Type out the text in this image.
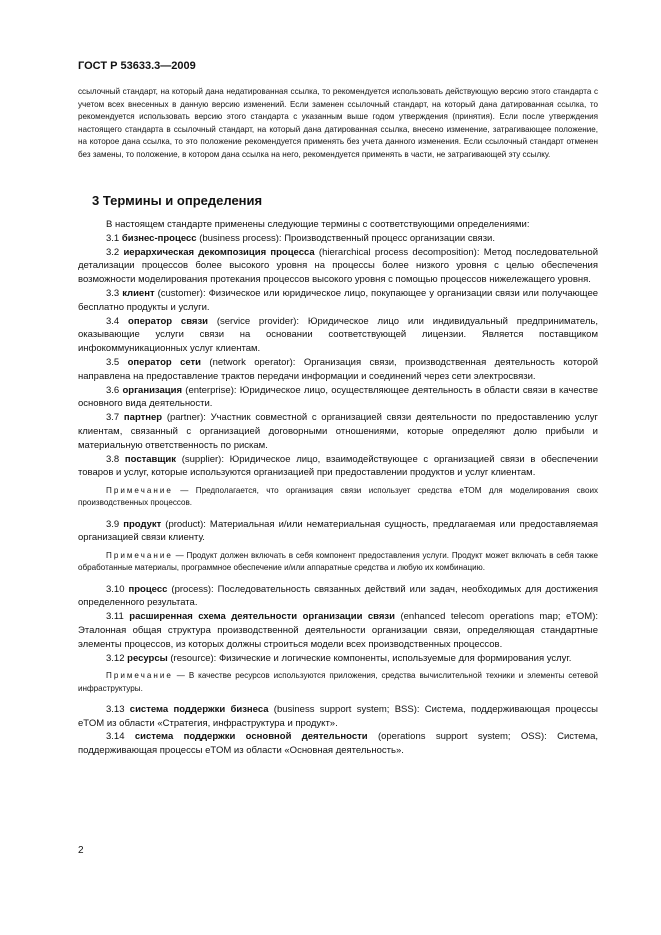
ГОСТ Р 53633.3—2009

ссылочный стандарт, на который дана недатированная ссылка, то рекомендуется использовать действующую версию этого стандарта с учетом всех внесенных в данную версию изменений. Если заменен ссылочный стандарт, на который дана датированная ссылка, то рекомендуется использовать версию этого стандарта с указанным выше годом утверждения (принятия). Если после утверждения настоящего стандарта в ссылочный стандарт, на который дана датированная ссылка, внесено изменение, затрагивающее положение, на которое дана ссылка, то это положение рекомендуется применять без учета данного изменения. Если ссылочный стандарт отменен без замены, то положение, в котором дана ссылка на него, рекомендуется применять в части, не затрагивающей эту ссылку.

3 Термины и определения

В настоящем стандарте применены следующие термины с соответствующими определениями:

3.1 бизнес-процесс (business process): Производственный процесс организации связи.

3.2 иерархическая декомпозиция процесса (hierarchical process decomposition): Метод последовательной детализации процессов более высокого уровня на процессы более низкого уровня с целью обеспечения возможности моделирования протекания процессов высокого уровня с помощью процессов нижележащего уровня.

3.3 клиент (customer): Физическое или юридическое лицо, покупающее у организации связи или получающее бесплатно продукты и услуги.

3.4 оператор связи (service provider): Юридическое лицо или индивидуальный предприниматель, оказывающие услуги связи на основании соответствующей лицензии. Является поставщиком инфокоммуникационных услуг клиентам.

3.5 оператор сети (network operator): Организация связи, производственная деятельность которой направлена на предоставление трактов передачи информации и соединений через сети электросвязи.

3.6 организация (enterprise): Юридическое лицо, осуществляющее деятельность в области связи в качестве основного вида деятельности.

3.7 партнер (partner): Участник совместной с организацией связи деятельности по предоставлению услуг клиентам, связанный с организацией договорными отношениями, которые определяют долю прибыли и материальную ответственность по рискам.

3.8 поставщик (supplier): Юридическое лицо, взаимодействующее с организацией связи в обеспечении товаров и услуг, которые используются организацией при предоставлении продуктов и услуг клиентам.

Примечание — Предполагается, что организация связи использует средства еТОМ для моделирования своих производственных процессов.

3.9 продукт (product): Материальная и/или нематериальная сущность, предлагаемая или предоставляемая организацией связи клиенту.

Примечание — Продукт должен включать в себя компонент предоставления услуги. Продукт может включать в себя также обработанные материалы, программное обеспечение и/или аппаратные средства и любую их комбинацию.

3.10 процесс (process): Последовательность связанных действий или задач, необходимых для достижения определенного результата.

3.11 расширенная схема деятельности организации связи (enhanced telecom operations map; eTOM): Эталонная общая структура производственной деятельности организации связи, определяющая стандартные элементы процессов, из которых должны строиться модели всех производственных процессов.

3.12 ресурсы (resource): Физические и логические компоненты, используемые для формирования услуг.

Примечание — В качестве ресурсов используются приложения, средства вычислительной техники и элементы сетевой инфраструктуры.

3.13 система поддержки бизнеса (business support system; BSS): Система, поддерживающая процессы eTOM из области «Стратегия, инфраструктура и продукт».

3.14 система поддержки основной деятельности (operations support system; OSS): Система, поддерживающая процессы eTOM из области «Основная деятельность».

2
